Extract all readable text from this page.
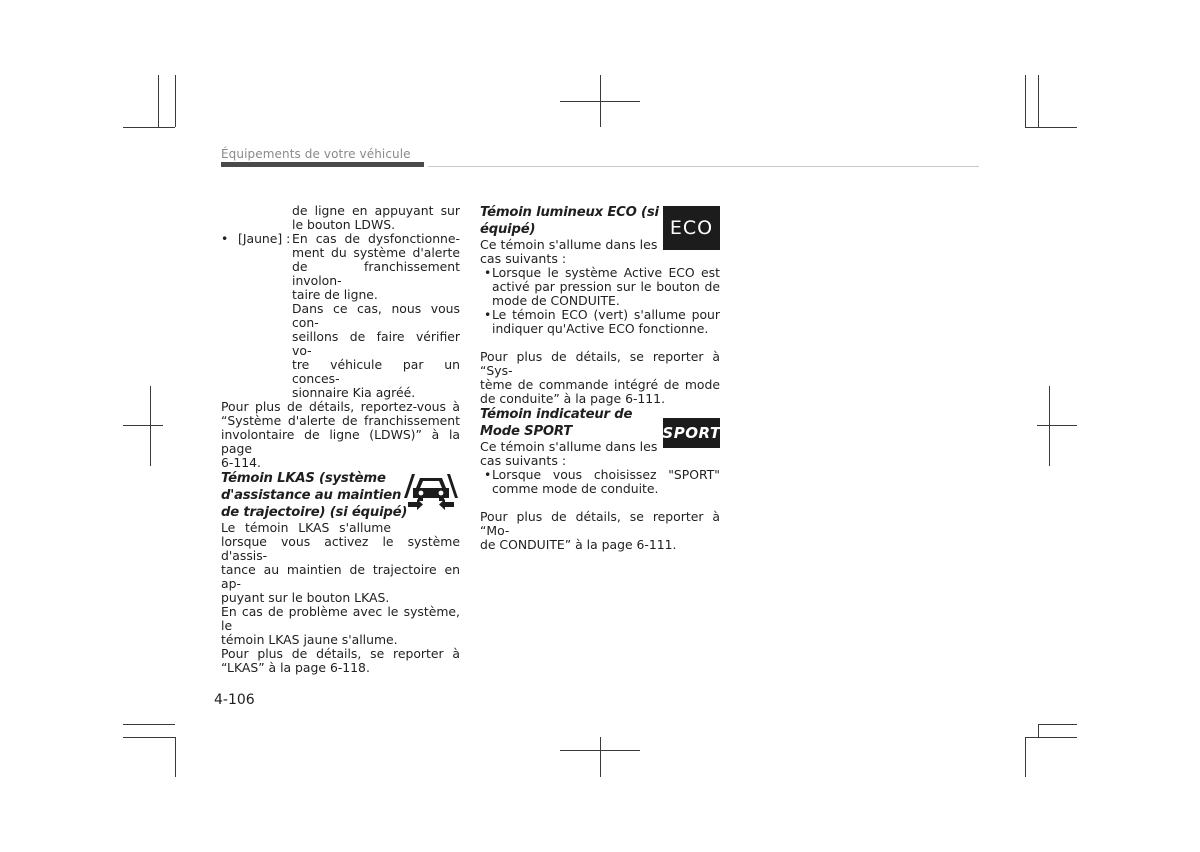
Équipements de votre véhicule

de ligne en appuyant sur

le bouton LDWS.

• [Jaune] : En cas de dysfonctionne-

ment du système d'alerte

de franchissement involon-

taire de ligne.

Dans ce cas, nous vous con-

seillons de faire vérifier vo-

tre véhicule par un conces-

sionnaire Kia agréé.

Pour plus de détails, reportez-vous à

“Système d'alerte de franchissement

involontaire de ligne (LDWS)” à la page

6-114.

Témoin LKAS (système

d'assistance au maintien

de trajectoire) (si équipé)

Le témoin LKAS s'allume

lorsque vous activez le système d'assis-

tance au maintien de trajectoire en ap-

puyant sur le bouton LKAS.

En cas de problème avec le système, le

témoin LKAS jaune s'allume.

Pour plus de détails, se reporter à

“LKAS” à la page 6-118.

Témoin lumineux ECO (si

équipé)	ECO

Ce témoin s'allume dans les

cas suivants :

• Lorsque le système Active ECO est

activé par pression sur le bouton de

mode de CONDUITE.

• Le témoin ECO (vert) s'allume pour

indiquer qu'Active ECO fonctionne.

Pour plus de détails, se reporter à “Sys-

tème de commande intégré de mode

de conduite” à la page 6-111.

Témoin indicateur de

Mode SPORT	SPORT

Ce témoin s'allume dans les

cas suivants :

• Lorsque vous choisissez "SPORT"

comme mode de conduite.

Pour plus de détails, se reporter à “Mo-

de CONDUITE” à la page 6-111.

4-106
